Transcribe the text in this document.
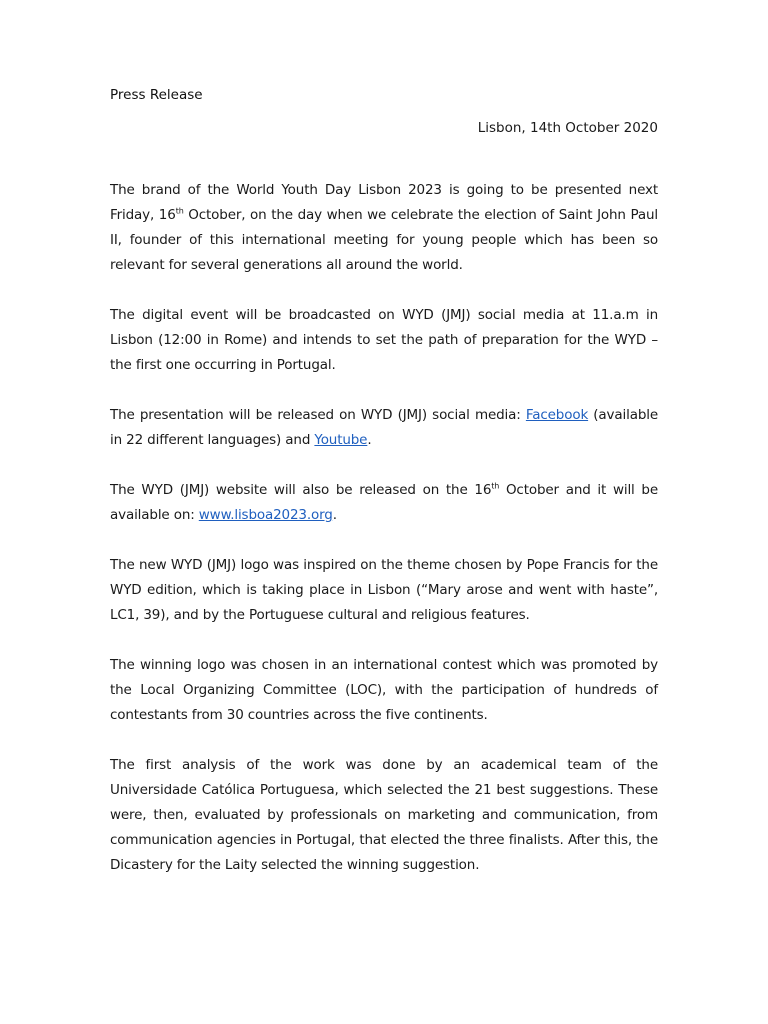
Press Release

Lisbon, 14th October 2020

The brand of the World Youth Day Lisbon 2023 is going to be presented next Friday, 16th October, on the day when we celebrate the election of Saint John Paul II, founder of this international meeting for young people which has been so relevant for several generations all around the world.

The digital event will be broadcasted on WYD (JMJ) social media at 11.a.m in Lisbon (12:00 in Rome) and intends to set the path of preparation for the WYD – the first one occurring in Portugal.

The presentation will be released on WYD (JMJ) social media: Facebook (available in 22 different languages) and Youtube.

The WYD (JMJ) website will also be released on the 16th October and it will be available on: www.lisboa2023.org.

The new WYD (JMJ) logo was inspired on the theme chosen by Pope Francis for the WYD edition, which is taking place in Lisbon (“Mary arose and went with haste”, LC1, 39), and by the Portuguese cultural and religious features.

The winning logo was chosen in an international contest which was promoted by the Local Organizing Committee (LOC), with the participation of hundreds of contestants from 30 countries across the five continents.

The first analysis of the work was done by an academical team of the Universidade Católica Portuguesa, which selected the 21 best suggestions. These were, then, evaluated by professionals on marketing and communication, from communication agencies in Portugal, that elected the three finalists. After this, the Dicastery for the Laity selected the winning suggestion.
